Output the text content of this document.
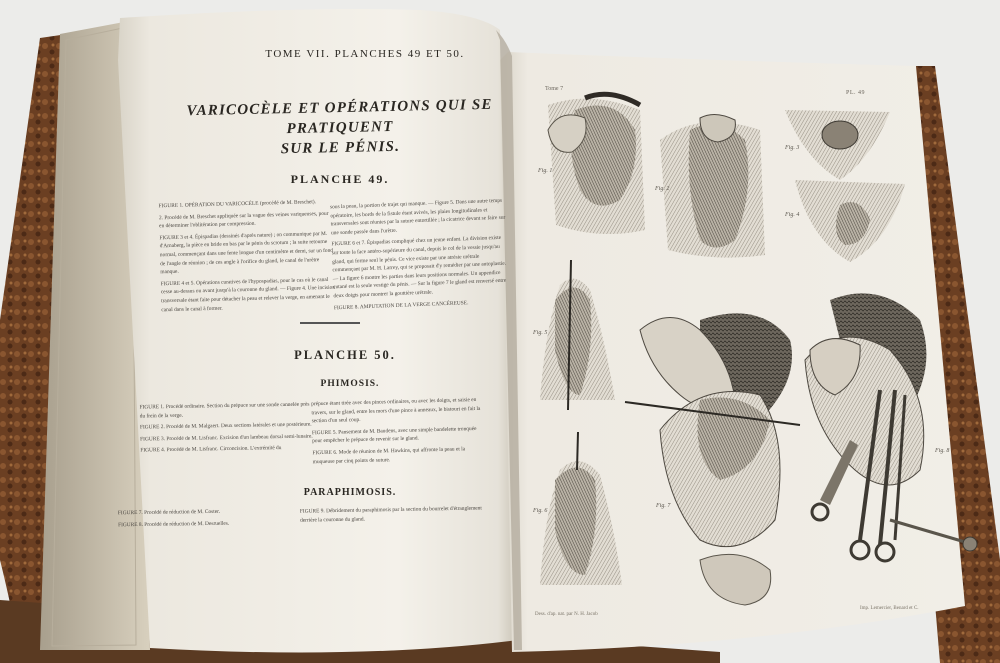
TOME VII. PLANCHES 49 ET 50.
VARICOCÈLE ET OPÉRATIONS QUI SE PRATIQUENT
SUR LE PÉNIS.
PLANCHE 49.

FIGURE 1. OPÉRATION DU VARICOCÈLE (procédé de M. Breschet).

2. Procédé de M. Breschet appliquée sur la vague des veines variqueuses, pour en déterminer l'oblitération par compression.

FIGURE 3 et 4. Épispadias (dessinés d'après nature) ; on communique par M. d'Arnaberg, la pièce en bride en bas par le pénis du scrotum ; la suite retourne normal, commençant dans une fente longue d'un centimètre et demi, sur un fond de l'angle de réunion ; de ces angle à l'orifice du gland, le canal de l'urètre manque.

FIGURE 4 et 5. Opérations curatives de l'hypospadias, pour le cas où le canal cesse au-dessus ou avant jusqu'à la couronne du gland. — Figure 4. Une incision transversale étant faite pour détacher la peau et relever la verge, en amenant le canal dans le canal à former.

sous la peau, la portion de trajet qui manque. — Figure 5. Dans une autre temps opératoire, les bords de la fistule étant avivés, les plaies longitudinales et transversales sont réunies par la suture entortillée ; la cicatrice devant se faire sur une sonde passée dans l'urètre.

FIGURE 6 et 7. Épispadias compliqué chez un jeune enfant. La division existe sur toute la face antéro-supérieure du canal, depuis le col de la vessie jusqu'au gland, qui forme seul le pénis. Ce vice existe par une atrésie urétrale commençant par M. H. Larrey, qui se proposait d'y remédier par une autoplastie. — La figure 6 montre les parties dans leurs positions normales. Un appendice cutané est la seule vestige du pénis. — Sur la figure 7 le gland est renversé entre deux doigts pour montrer la gouttière urétrale.

FIGURE 8. AMPUTATION DE LA VERGE CANCÉREUSE.

PLANCHE 50.
PHIMOSIS.

FIGURE 1. Procédé ordinaire. Section du prépuce sur une sonde cannelée près du frein de la verge.

FIGURE 2. Procédé de M. Malgaert. Deux sections latérales et une postérieure.

FIGURE 3. Procédé de M. Lisfranc. Excision d'un lambeau dorsal semi-lunaire.

FIGURE 4. Procédé de M. Lisfranc. Circoncision. L'extrémité du

prépuce étant tirée avec des pinces ordinaires, ou avec les doigts, et saisie en travers, sur le gland, entre les mors d'une pince à anneaux, le bistouri en fait la section d'un seul coup.

FIGURE 5. Pansement de M. Baudens, avec une simple bandelette tronquée pour empêcher le prépuce de revenir sur le gland.

FIGURE 6. Mode de réunion de M. Hawkins, qui affronte la peau et la muqueuse par cinq points de suture.

PARAPHIMOSIS.

FIGURE 7. Procédé de réduction de M. Coster.

FIGURE 8. Procédé de réduction de M. Desruelles.

FIGURE 9. Débridement du paraphimosis par la section du bourrelet d'étranglement derrière la couronne du gland.

Tome 7
PL. 49
Fig. 1
Fig. 2
Fig. 3
Fig. 4
Fig. 5
Fig. 6
Fig. 7
Fig. 8
Dess. d'ap. nat. par N. H. Jacob
Imp. Lemercier, Benard et C.
